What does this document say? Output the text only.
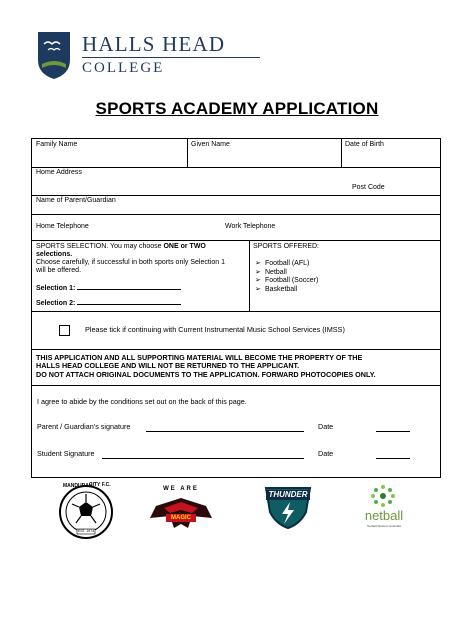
HALLS HEAD
COLLEGE
SPORTS ACADEMY APPLICATION
Family Name	Given Name	Date of Birth
Home Address
Post Code
Name of Parent/Guardian
Home Telephone	Work Telephone
SPORTS SELECTION. You may choose ONE or TWO
selections.
Choose carefully, if successful in both sports only Selection 1
will be offered.
Selection 1:
Selection 2:
SPORTS OFFERED:
➢ Football (AFL)
➢ Netball
➢ Football (Soccer)
➢ Basketball
Please tick if continuing with Current Instrumental Music School Services (IMSS)
THIS APPLICATION AND ALL SUPPORTING MATERIAL WILL BECOME THE PROPERTY OF THE
HALLS HEAD COLLEGE AND WILL NOT BE RETURNED TO THE APPLICANT.
DO NOT ATTACH ORIGINAL DOCUMENTS TO THE APPLICATION. FORWARD PHOTOCOPIES ONLY.
I agree to abide by the conditions set out on the back of this page.
Parent / Guardian’s signature	Date
Student Signature	Date
MANDURAH
CITY F.C.
EST. 1974
WE ARE
MAGIC
THUNDER
netball
Netball Western Australia
